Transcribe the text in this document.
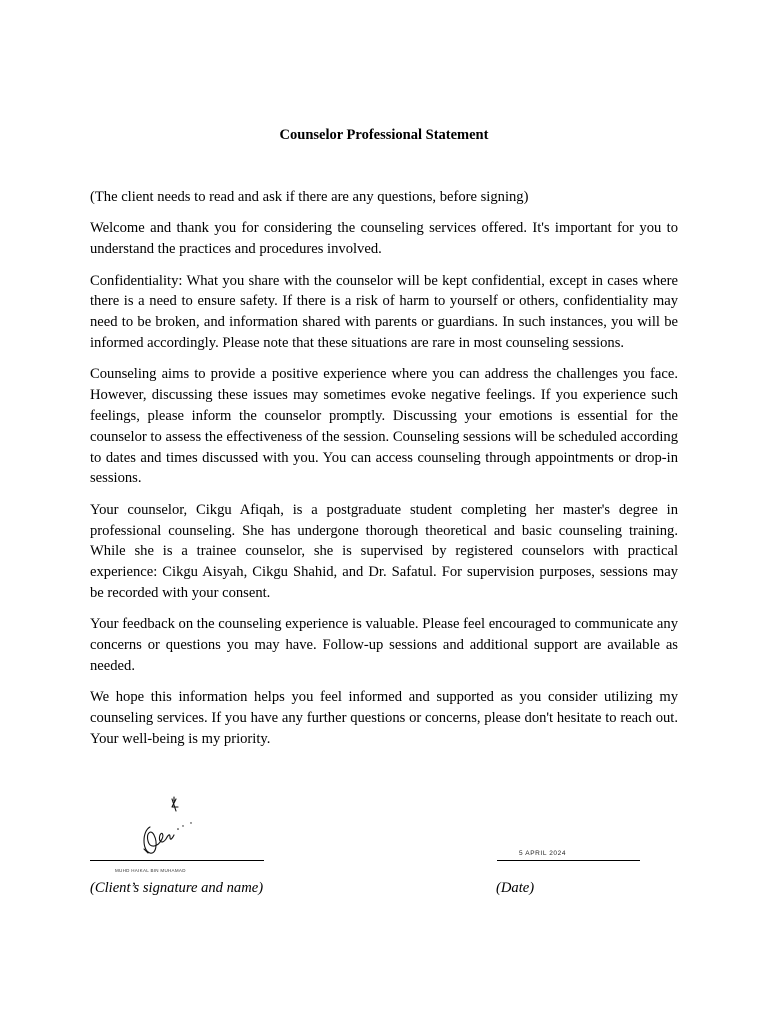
Counselor Professional Statement

(The client needs to read and ask if there are any questions, before signing)

Welcome and thank you for considering the counseling services offered. It's important for you to understand the practices and procedures involved.

Confidentiality: What you share with the counselor will be kept confidential, except in cases where there is a need to ensure safety. If there is a risk of harm to yourself or others, confidentiality may need to be broken, and information shared with parents or guardians. In such instances, you will be informed accordingly. Please note that these situations are rare in most counseling sessions.

Counseling aims to provide a positive experience where you can address the challenges you face. However, discussing these issues may sometimes evoke negative feelings. If you experience such feelings, please inform the counselor promptly. Discussing your emotions is essential for the counselor to assess the effectiveness of the session. Counseling sessions will be scheduled according to dates and times discussed with you. You can access counseling through appointments or drop-in sessions.

Your counselor, Cikgu Afiqah, is a postgraduate student completing her master's degree in professional counseling. She has undergone thorough theoretical and basic counseling training. While she is a trainee counselor, she is supervised by registered counselors with practical experience: Cikgu Aisyah, Cikgu Shahid, and Dr. Safatul. For supervision purposes, sessions may be recorded with your consent.

Your feedback on the counseling experience is valuable. Please feel encouraged to communicate any concerns or questions you may have. Follow-up sessions and additional support are available as needed.

We hope this information helps you feel informed and supported as you consider utilizing my counseling services. If you have any further questions or concerns, please don't hesitate to reach out. Your well-being is my priority.

MUHD HAIKAL BIN MUHAMAD
(Client’s signature and name)
5 APRIL 2024
(Date)
